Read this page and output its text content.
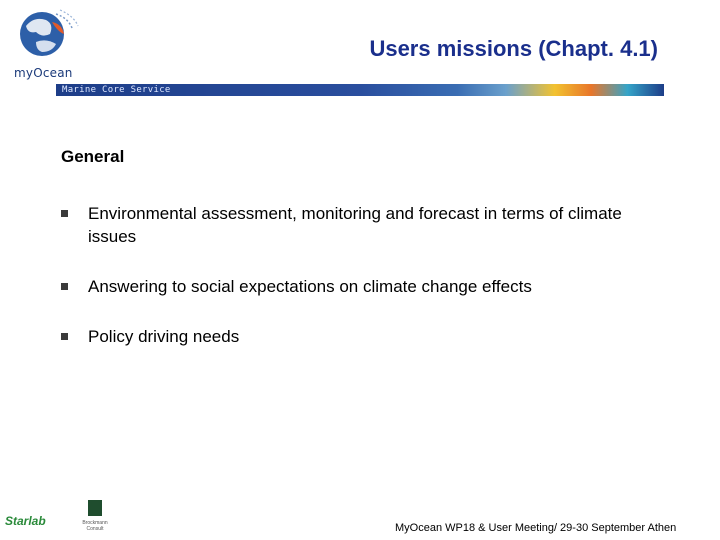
myOcean
Users missions (Chapt. 4.1)
Marine Core Service
General
Environmental assessment, monitoring and forecast in terms of climate issues
Answering to social expectations on climate change effects
Policy driving needs
Starlab	Brockmann Consult	MyOcean WP18 & User Meeting/ 29-30 September Athen
